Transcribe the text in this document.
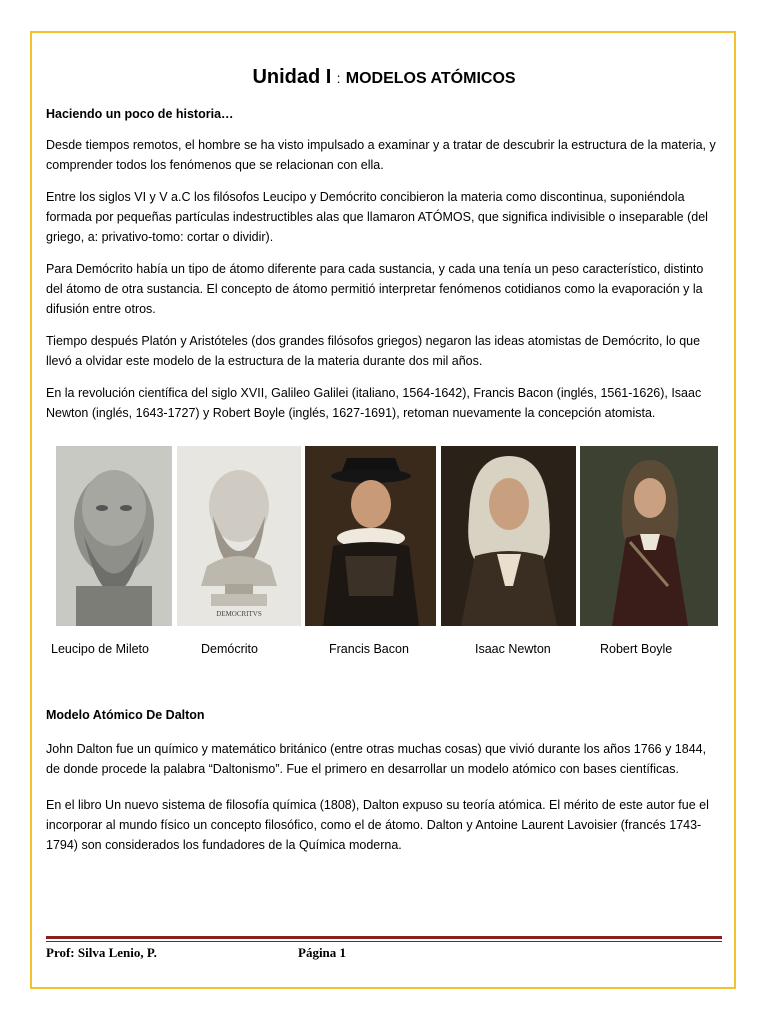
Unidad I : MODELOS ATÓMICOS
Haciendo un poco de historia…

Desde tiempos remotos, el hombre se ha visto impulsado a examinar y a tratar de descubrir la estructura de la materia, y comprender todos los fenómenos que se relacionan con ella.

Entre los siglos VI y V a.C los filósofos Leucipo y Demócrito concibieron la materia como discontinua, suponiéndola formada por pequeñas partículas indestructibles alas que llamaron ATÓMOS, que significa indivisible o inseparable (del griego, a: privativo-tomo: cortar o dividir).

Para Demócrito había un tipo de átomo diferente para cada sustancia, y cada una tenía un peso característico, distinto del átomo de otra sustancia. El concepto de átomo permitió interpretar fenómenos cotidianos como la evaporación y la difusión entre otros.

Tiempo después Platón y Aristóteles (dos grandes filósofos griegos) negaron las ideas atomistas de Demócrito, lo que llevó a olvidar este modelo de la estructura de la materia durante dos mil años.

En la revolución científica del siglo XVII, Galileo Galilei (italiano, 1564-1642), Francis Bacon (inglés, 1561-1626), Isaac Newton (inglés, 1643-1727) y Robert Boyle (inglés, 1627-1691), retoman nuevamente la concepción atomista.

DEMOCRITVS
Leucipo de Mileto	Demócrito	Francis Bacon	Isaac Newton	Robert Boyle
Modelo Atómico De Dalton

John Dalton fue un químico y matemático británico (entre otras muchas cosas) que vivió durante los años 1766 y 1844, de donde procede la palabra “Daltonismo”. Fue el primero en desarrollar un modelo atómico con bases científicas.

En el libro Un nuevo sistema de filosofía química (1808), Dalton expuso su teoría atómica. El mérito de este autor fue el incorporar al mundo físico un concepto filosófico, como el de átomo. Dalton y Antoine Laurent Lavoisier (francés 1743-1794) son considerados los fundadores de la Química moderna.

Prof: Silva Lenio, P.	Página 1
